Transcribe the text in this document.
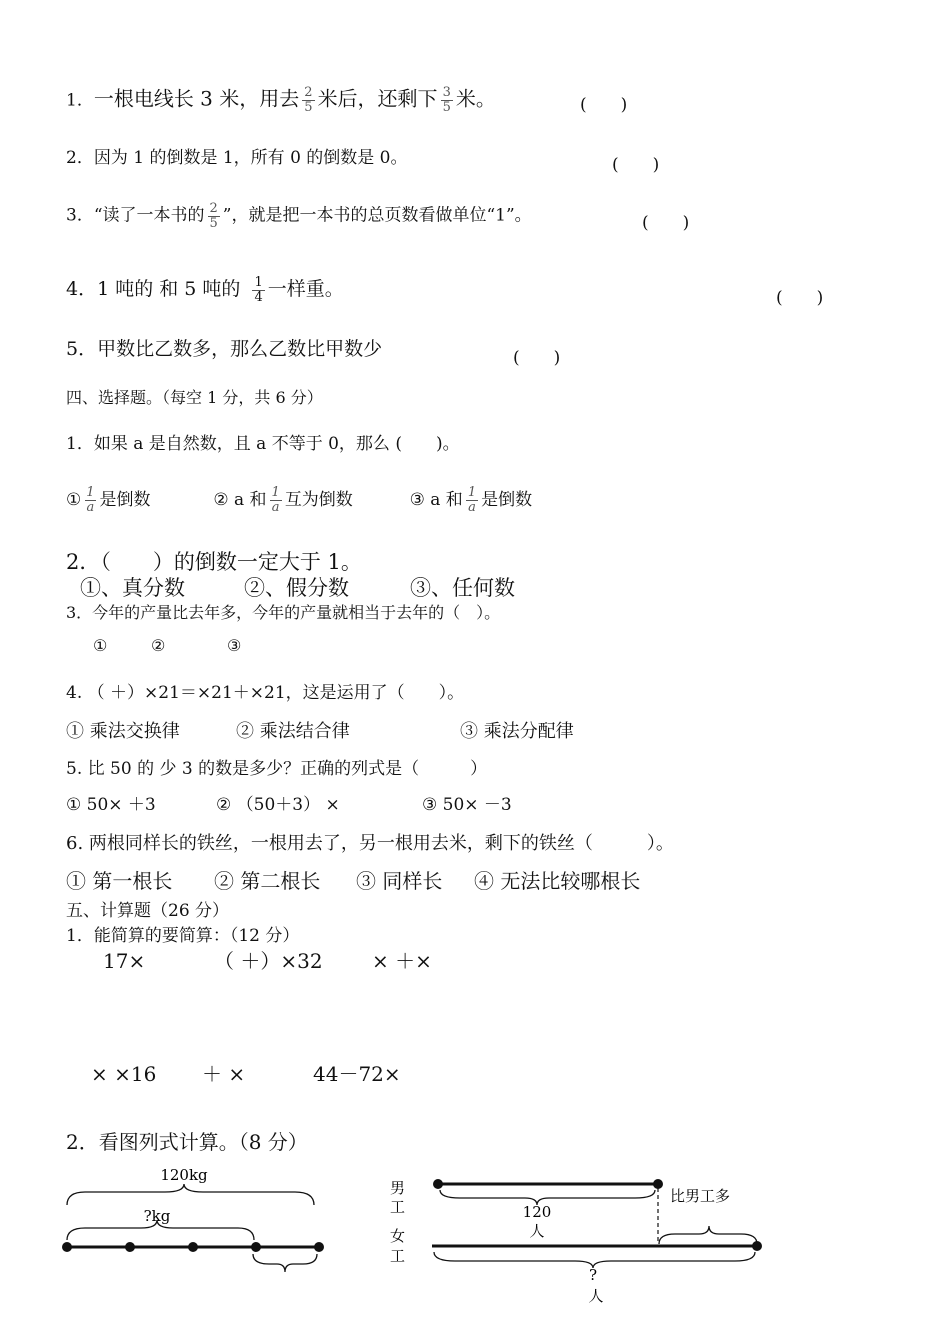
1．一根电线长 3 米，用去 $\frac{2}{5}$ 米后，还剩下 $\frac{3}{5}$ 米。	(　　)
2．因为 1 的倒数是 1，所有 0 的倒数是 0。	(　　)
3．“读了一本书的 $\frac{2}{5}$ ”，就是把一本书的总页数看做单位“1”。	(　　)
4．1 吨的 和 5 吨的 $\frac{1}{4}$ 一样重。	(　　)
5．甲数比乙数多，那么乙数比甲数少	(　　)
四、选择题。（每空 1 分，共 6 分）
1．如果 a 是自然数，且 a 不等于 0，那么 (　　)。
① $\frac{1}{a}$ 是倒数	② a 和 $\frac{1}{a}$ 互为倒数	③ a 和 $\frac{1}{a}$ 是倒数
2．（　　）的倒数一定大于 1。
①、真分数	②、假分数	③、任何数
3．今年的产量比去年多，今年的产量就相当于去年的（　）。
①	②	③
4. （ ＋）×21＝×21＋×21，这是运用了（　　）。
① 乘法交换律	② 乘法结合律	③ 乘法分配律
5. 比 50 的 少 3 的数是多少？正确的列式是（　　　）
① 50× ＋3	② （50＋3） ×	③ 50× －3
6. 两根同样长的铁丝，一根用去了，另一根用去米，剩下的铁丝（　　　）。
① 第一根长 ② 第二根长 ③ 同样长 ④ 无法比较哪根长
五、计算题（26 分）
1．能简算的要简算：（12 分）
17×	（ ＋）×32 × ＋×
× ×16 ＋ ×	44－72×
2．看图列式计算。（8 分）
120kg
?kg
男
工	120
人
比男工多
女
工
?
人
